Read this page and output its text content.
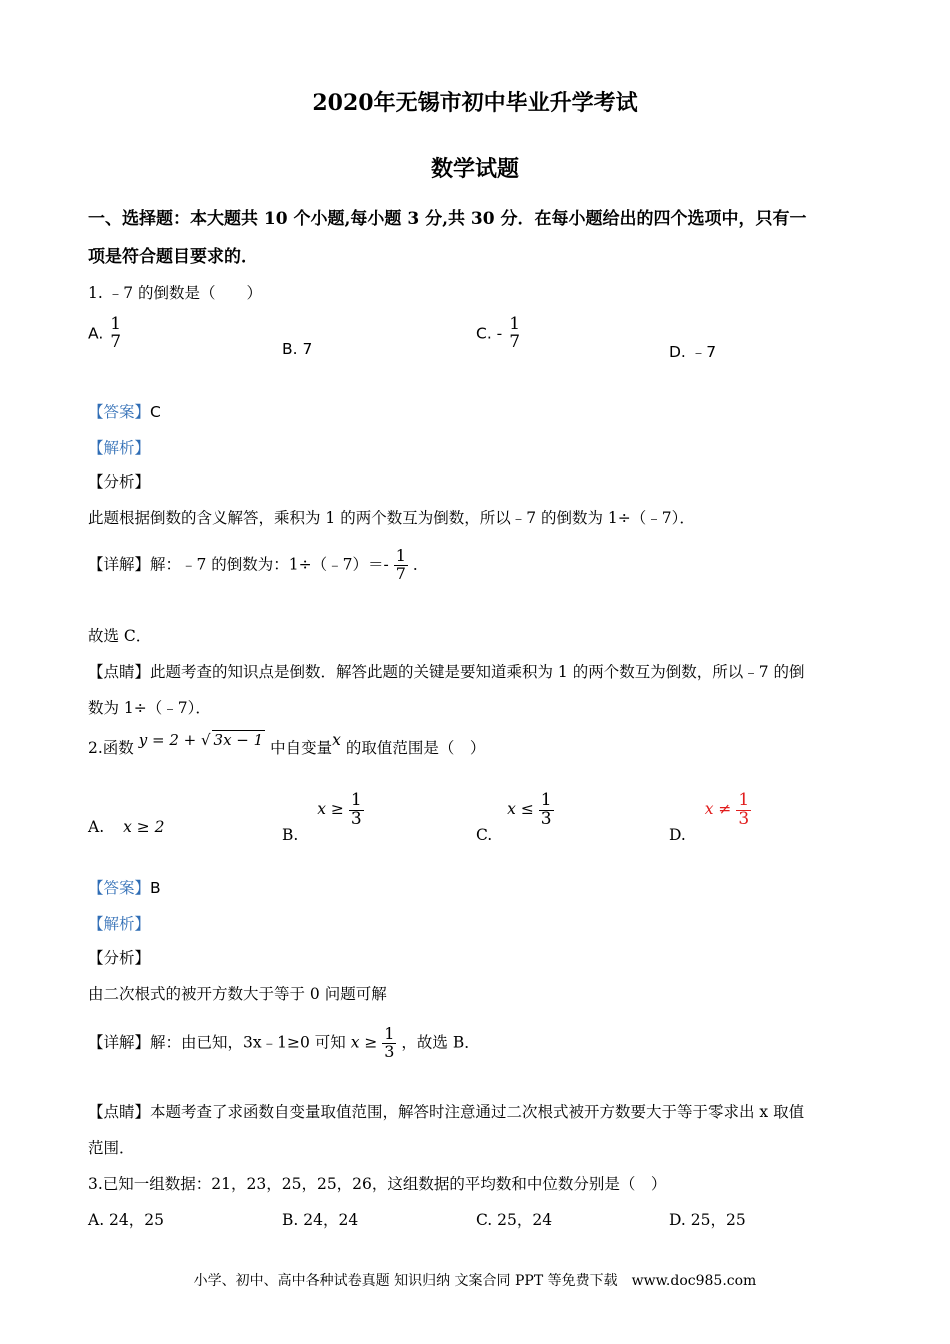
2020年无锡市初中毕业升学考试
数学试题
一、选择题：本大题共 10 个小题,每小题 3 分,共 30 分．在每小题给出的四个选项中，只有一
项是符合题目要求的．
1. ﹣7 的倒数是（　　）
A. 1
7	B. 7
C. - 1
7
D. ﹣7
【答案】C
【解析】
【分析】
此题根据倒数的含义解答，乘积为 1 的两个数互为倒数，所以﹣7 的倒数为 1÷（﹣7）．
【详解】解：﹣7 的倒数为：1÷（﹣7）＝- $\frac{1}{7}$ ．
故选 C．
【点睛】此题考查的知识点是倒数．解答此题的关键是要知道乘积为 1 的两个数互为倒数，所以﹣7 的倒
数为 1÷（﹣7）．
2.函数 y = 2 + √ 3x − 1 中自变量x 的取值范围是（　）
A. x ≥ 2	B. $x \ge \frac{1}{3}$
C. $x \le \frac{1}{3}$
D. $x \ne \frac{1}{3}$
【答案】B
【解析】
【分析】
由二次根式的被开方数大于等于 0 问题可解
【详解】解：由已知，3x﹣1≥0 可知 $x \ge \frac{1}{3}$ ，故选 B．
【点睛】本题考查了求函数自变量取值范围，解答时注意通过二次根式被开方数要大于等于零求出 x 取值
范围．
3.已知一组数据：21，23，25，25，26，这组数据的平均数和中位数分别是（　）
A. 24，25	B. 24，24	C. 25，24	D. 25，25
小学、初中、高中各种试卷真题 知识归纳 文案合同 PPT 等免费下载　www.doc985.com
